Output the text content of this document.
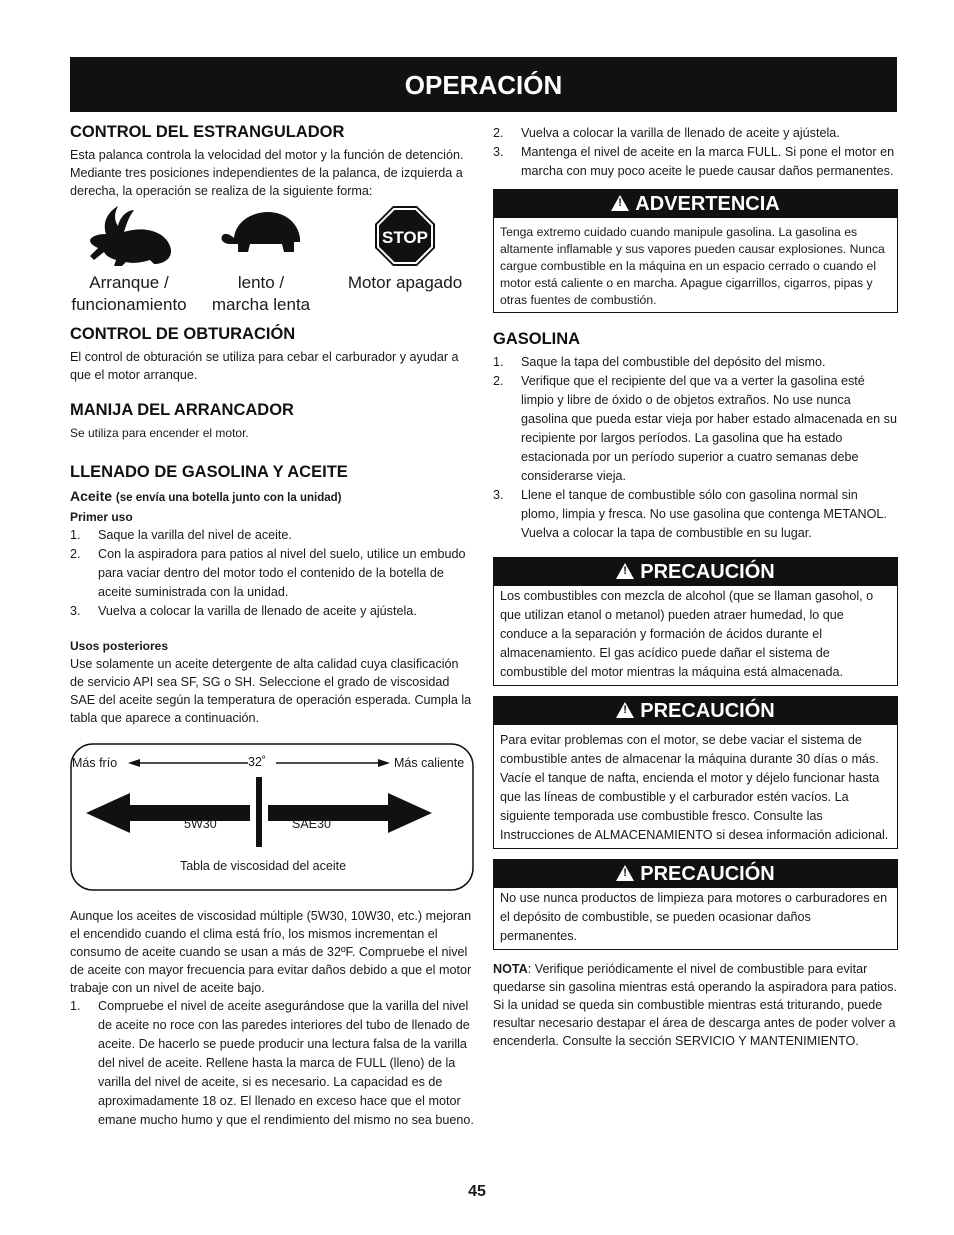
OPERACIÓN
CONTROL DEL ESTRANGULADOR

Esta palanca controla la velocidad del motor y la función de detención. Mediante tres posiciones independientes de la palanca, de izquierda a derecha, la operación se realiza de la siguiente forma:

Arranque /
funcionamiento
lento /
marcha lenta
STOP
Motor apagado
CONTROL DE OBTURACIÓN

El control de obturación se utiliza para cebar el carburador y ayudar a que el motor arranque.

MANIJA DEL ARRANCADOR

Se utiliza para encender el motor.

LLENADO DE GASOLINA Y ACEITE
Aceite (se envía una botella junto con la unidad)
Primer uso
1. Saque la varilla del nivel de aceite.
2. Con la aspiradora para patios al nivel del suelo, utilice un embudo para vaciar dentro del motor todo el contenido de la botella de aceite suministrada con la unidad.
3. Vuelva a colocar la varilla de llenado de aceite y ajústela.
Usos posteriores

Use solamente un aceite detergente de alta calidad cuya clasificación de servicio API sea SF, SG o SH. Seleccione el grado de viscosidad SAE del aceite según la temperatura de operación esperada. Cumpla la tabla que aparece a continuación.

Más frío	32˚	Más caliente
5W30	SAE30
Tabla de viscosidad del aceite

Aunque los aceites de viscosidad múltiple (5W30, 10W30, etc.) mejoran el encendido cuando el clima está frío, los mismos incrementan el consumo de aceite cuando se usan a más de 32ºF. Compruebe el nivel de aceite con mayor frecuencia para evitar daños debido a que el motor trabaje con un nivel de aceite bajo.

1. Compruebe el nivel de aceite asegurándose que la varilla del nivel de aceite no roce con las paredes interiores del tubo de llenado de aceite. De hacerlo se puede producir una lectura falsa de la varilla del nivel de aceite. Rellene hasta la marca de FULL (lleno) de la varilla del nivel de aceite, si es necesario. La capacidad es de aproximadamente 18 oz. El llenado en exceso hace que el motor emane mucho humo y que el rendimiento del mismo no sea bueno.
2. Vuelva a colocar la varilla de llenado de aceite y ajústela.
3. Mantenga el nivel de aceite en la marca FULL. Si pone el motor en marcha con muy poco aceite le puede causar daños permanentes.
!ADVERTENCIA
Tenga extremo cuidado cuando manipule gasolina. La gasolina es altamente inflamable y sus vapores pueden causar explosiones. Nunca cargue combustible en la máquina en un espacio cerrado o cuando el motor está caliente o en marcha. Apague cigarrillos, cigarros, pipas y otras fuentes de combustión.
GASOLINA
1. Saque la tapa del combustible del depósito del mismo.
2. Verifique que el recipiente del que va a verter la gasolina esté limpio y libre de óxido o de objetos extraños. No use nunca gasolina que pueda estar vieja por haber estado almacenada en su recipiente por largos períodos. La gasolina que ha estado estacionada por un período superior a cuatro semanas debe considerarse vieja.
3. Llene el tanque de combustible sólo con gasolina normal sin plomo, limpia y fresca. No use gasolina que contenga METANOL. Vuelva a colocar la tapa de combustible en su lugar.
!PRECAUCIÓN
Los combustibles con mezcla de alcohol (que se llaman gasohol, o que utilizan etanol o metanol) pueden atraer humedad, lo que conduce a la separación y formación de ácidos durante el almacenamiento. El gas acídico puede dañar el sistema de combustible del motor mientras la máquina está almacenada.
!PRECAUCIÓN
Para evitar problemas con el motor, se debe vaciar el sistema de combustible antes de almacenar la máquina durante 30 días o más. Vacíe el tanque de nafta, encienda el motor y déjelo funcionar hasta que las líneas de combustible y el carburador estén vacíos. La siguiente temporada use combustible fresco. Consulte las Instrucciones de ALMACENAMIENTO si desea información adicional.
!PRECAUCIÓN
No use nunca productos de limpieza para motores o carburadores en el depósito de combustible, se pueden ocasionar daños permanentes.

NOTA: Verifique periódicamente el nivel de combustible para evitar quedarse sin gasolina mientras está operando la aspiradora para patios. Si la unidad se queda sin combustible mientras está triturando, puede resultar necesario destapar el área de descarga antes de poder volver a encenderla. Consulte la sección SERVICIO Y MANTENIMIENTO.

45
